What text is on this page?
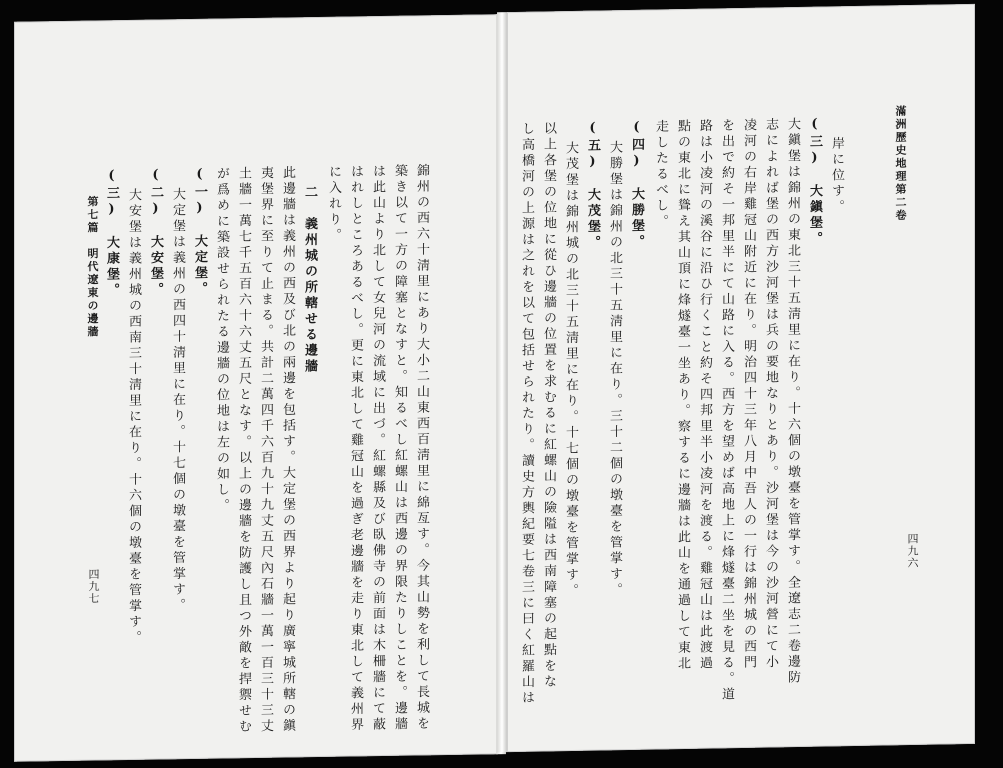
第七篇　明代遼東の邊牆
四九七
(三)　大康堡。 大安堡は義州城の西南三十淸里に在り。十六個の墩臺を管掌す。 (二)　大安堡。 大定堡は義州の西四十淸里に在り。十七個の墩臺を管掌す。 (一)　大定堡。 が爲めに築設せられたる邊牆の位地は左の如し。 土牆一萬七千五百六十六丈五尺となす。以上の邊牆を防護し且つ外敵を捍禦せむ 夷堡界に至りて止まる。共計二萬四千六百九十九丈五尺內石牆一萬一百三十三丈 此邊牆は義州の西及び北の兩邊を包括す。大定堡の西界より起り廣寧城所轄の鎭 二　義州城の所轄せる邊牆 に入れり。 はれしところあるべし。更に東北して雞冠山を過ぎ老邊牆を走り東北して義州界 は此山より北して女兒河の流域に出づ。紅螺縣及び臥佛寺の前面は木柵牆にて蔽 築き以て一方の障塞となすと。知るべし紅螺山は西邊の界限たりしことを。邊牆 錦州の西六十淸里にあり大小二山東西百淸里に綿亙す。今其山勢を利して長城を	滿洲歷史地理第二卷
四九六
し高橋河の上源は之れを以て包括せられたり。讀史方輿紀要七卷三に曰く紅羅山は 以上各堡の位地に從ひ邊牆の位置を求むるに紅螺山の險隘は西南障塞の起點をな 大茂堡は錦州城の北三十五淸里に在り。十七個の墩臺を管掌す。 (五)　大茂堡。 大勝堡は錦州の北三十五淸里に在り。三十二個の墩臺を管掌す。 (四)　大勝堡。 走したるべし。 點の東北に聳え其山頂に烽燧臺一坐あり。察するに邊牆は此山を通過して東北 路は小凌河の溪谷に沿ひ行くこと約そ四邦里半小凌河を渡る。雞冠山は此渡過 を出で約そ一邦里半にて山路に入る。西方を望めば高地上に烽燧臺二坐を見る。道 凌河の右岸雞冠山附近に在り。明治四十三年八月中吾人の一行は錦州城の西門 志によれば堡の西方沙河堡は兵の要地なりとあり。沙河堡は今の沙河營にて小 大鎭堡は錦州の東北三十五淸里に在り。十六個の墩臺を管掌す。全遼志二卷邊防 (三)　大鎭堡。 岸に位す。
